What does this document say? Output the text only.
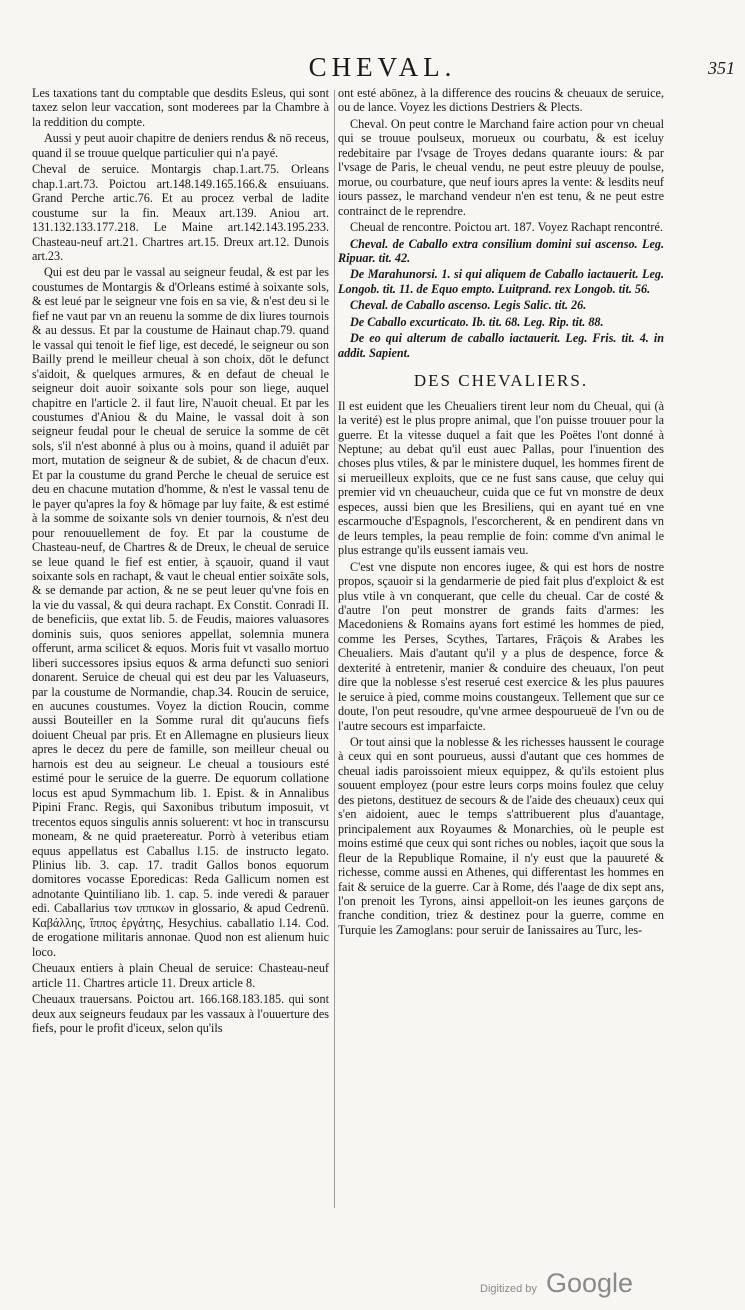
CHEVAL.	351

Les taxations tant du comptable que desdits Esleus, qui sont taxez selon leur vaccation, sont moderees par la Chambre à la reddition du compte.

Aussi y peut auoir chapitre de deniers rendus & nō receus, quand il se trouue quelque particulier qui n'a payé.

Cheval de seruice. Montargis chap.1.art.75. Orleans chap.1.art.73. Poictou art.148.149.165.166.& ensuiuans. Grand Perche artic.76. Et au procez verbal de ladite coustume sur la fin. Meaux art.139. Aniou art. 131.132.133.177.218. Le Maine art.142.143.195.233. Chasteau-neuf art.21. Chartres art.15. Dreux art.12. Dunois art.23.

Qui est deu par le vassal au seigneur feudal, & est par les coustumes de Montargis & d'Orleans estimé à soixante sols, & est leué par le seigneur vne fois en sa vie, & n'est deu si le fief ne vaut par vn an reuenu la somme de dix liures tournois & au dessus. Et par la coustume de Hainaut chap.79. quand le vassal qui tenoit le fief lige, est decedé, le seigneur ou son Bailly prend le meilleur cheual à son choix, dōt le defunct s'aidoit, & quelques armures, & en defaut de cheual le seigneur doit auoir soixante sols pour son liege, auquel chapitre en l'article 2. il faut lire, N'auoit cheual. Et par les coustumes d'Aniou & du Maine, le vassal doit à son seigneur feudal pour le cheual de seruice la somme de cēt sols, s'il n'est abonné à plus ou à moins, quand il aduiēt par mort, mutation de seigneur & de subiet, & de chacun d'eux. Et par la coustume du grand Perche le cheual de seruice est deu en chacune mutation d'homme, & n'est le vassal tenu de le payer qu'apres la foy & hōmage par luy faite, & est estimé à la somme de soixante sols vn denier tournois, & n'est deu pour renouuellement de foy. Et par la coustume de Chasteau-neuf, de Chartres & de Dreux, le cheual de seruice se leue quand le fief est entier, à sçauoir, quand il vaut soixante sols en rachapt, & vaut le cheual entier soixāte sols, & se demande par action, & ne se peut leuer qu'vne fois en la vie du vassal, & qui deura rachapt. Ex Constit. Conradi II. de beneficiis, que extat lib. 5. de Feudis, maiores valuasores dominis suis, quos seniores appellat, solemnia munera offerunt, arma scilicet & equos. Moris fuit vt vasallo mortuo liberi successores ipsius equos & arma defuncti suo seniori donarent. Seruice de cheual qui est deu par les Valuaseurs, par la coustume de Normandie, chap.34. Roucin de seruice, en aucunes coustumes. Voyez la diction Roucin, comme aussi Bouteiller en la Somme rural dit qu'aucuns fiefs doiuent Cheual par pris. Et en Allemagne en plusieurs lieux apres le decez du pere de famille, son meilleur cheual ou harnois est deu au seigneur. Le cheual a tousiours esté estimé pour le seruice de la guerre. De equorum collatione locus est apud Symmachum lib. 1. Epist. & in Annalibus Pipini Franc. Regis, qui Saxonibus tributum imposuit, vt trecentos equos singulis annis soluerent: vt hoc in transcursu moneam, & ne quid praetereatur. Porrò à veteribus etiam equus appellatus est Caballus l.15. de instructo legato. Plinius lib. 3. cap. 17. tradit Gallos bonos equorum domitores vocasse Eporedicas: Reda Gallicum nomen est adnotante Quintiliano lib. 1. cap. 5. inde veredi & parauer edi. Caballarius των ιππικων in glossario, & apud Cedrenū. Καβάλλης, ἵππος ἐργάτης, Hesychius. caballatio l.14. Cod. de erogatione militaris annonae. Quod non est alienum huic loco.

Cheuaux entiers à plain Cheual de seruice: Chasteau-neuf article 11. Chartres article 11. Dreux article 8.

Cheuaux trauersans. Poictou art. 166.168.183.185. qui sont deux aux seigneurs feudaux par les vassaux à l'ouuerture des fiefs, pour le profit d'iceux, selon qu'ils

ont esté abōnez, à la difference des roucins & cheuaux de seruice, ou de lance. Voyez les dictions Destriers & Plects.

Cheval. On peut contre le Marchand faire action pour vn cheual qui se trouue poulseux, morueux ou courbatu, & est iceluy redebitaire par l'vsage de Troyes dedans quarante iours: & par l'vsage de Paris, le cheual vendu, ne peut estre pleuuy de poulse, morue, ou courbature, que neuf iours apres la vente: & lesdits neuf iours passez, le marchand vendeur n'en est tenu, & ne peut estre contrainct de le reprendre.

Cheual de rencontre. Poictou art. 187. Voyez Rachapt rencontré.

Cheval. de Caballo extra consilium domini sui ascenso. Leg. Ripuar. tit. 42.

De Marahunorsi. 1. si qui aliquem de Caballo iactauerit. Leg. Longob. tit. 11. de Equo empto. Luitprand. rex Longob. tit. 56.

Cheval. de Caballo ascenso. Legis Salic. tit. 26.

De Caballo excurticato. Ib. tit. 68. Leg. Rip. tit. 88.

De eo qui alterum de caballo iactauerit. Leg. Fris. tit. 4. in addit. Sapient.

DES CHEVALIERS.

Il est euident que les Cheualiers tirent leur nom du Cheual, qui (à la verité) est le plus propre animal, que l'on puisse trouuer pour la guerre. Et la vitesse duquel a fait que les Poëtes l'ont donné à Neptune; au debat qu'il eust auec Pallas, pour l'inuention des choses plus vtiles, & par le ministere duquel, les hommes firent de si merueilleux exploits, que ce ne fust sans cause, que celuy qui premier vid vn cheuaucheur, cuida que ce fut vn monstre de deux especes, aussi bien que les Bresiliens, qui en ayant tué en vne escarmouche d'Espagnols, l'escorcherent, & en pendirent dans vn de leurs temples, la peau remplie de foin: comme d'vn animal le plus estrange qu'ils eussent iamais veu.

C'est vne dispute non encores iugee, & qui est hors de nostre propos, sçauoir si la gendarmerie de pied fait plus d'exploict & est plus vtile à vn conquerant, que celle du cheual. Car de costé & d'autre l'on peut monstrer de grands faits d'armes: les Macedoniens & Romains ayans fort estimé les hommes de pied, comme les Perses, Scythes, Tartares, Frāçois & Arabes les Cheualiers. Mais d'autant qu'il y a plus de despence, force & dexterité à entretenir, manier & conduire des cheuaux, l'on peut dire que la noblesse s'est reserué cest exercice & les plus pauures le seruice à pied, comme moins coustangeux. Tellement que sur ce doute, l'on peut resoudre, qu'vne armee despourueuë de l'vn ou de l'autre secours est imparfaicte.

Or tout ainsi que la noblesse & les richesses haussent le courage à ceux qui en sont pourueus, aussi d'autant que ces hommes de cheual iadis paroissoient mieux equippez, & qu'ils estoient plus souuent employez (pour estre leurs corps moins foulez que celuy des pietons, destituez de secours & de l'aide des cheuaux) ceux qui s'en aidoient, auec le temps s'attribuerent plus d'auantage, principalement aux Royaumes & Monarchies, où le peuple est moins estimé que ceux qui sont riches ou nobles, iaçoit que sous la fleur de la Republique Romaine, il n'y eust que la pauureté & richesse, comme aussi en Athenes, qui differentast les hommes en fait & seruice de la guerre. Car à Rome, dés l'aage de dix sept ans, l'on prenoit les Tyrons, ainsi appelloit-on les ieunes garçons de franche condition, triez & destinez pour la guerre, comme en Turquie les Zamoglans: pour seruir de Ianissaires au Turc, les-

Digitized by Google
